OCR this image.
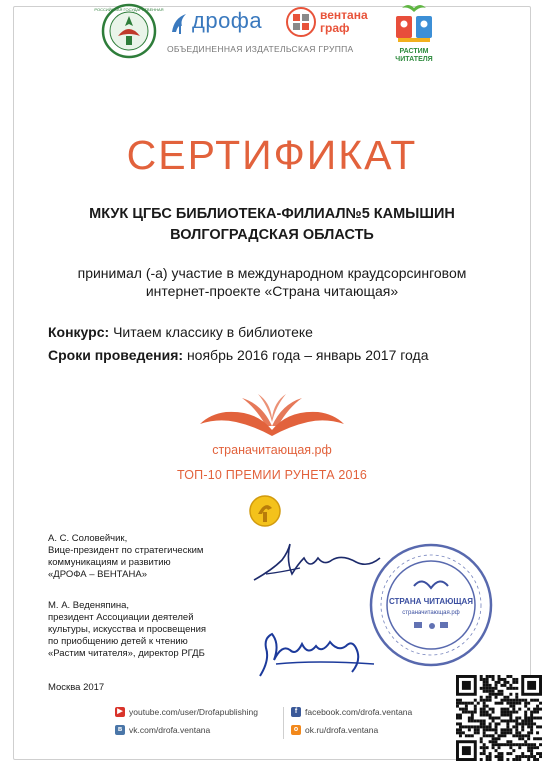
РОССИЙСКАЯ ГОСУДАРСТВЕННАЯ дрофа	вентана
граф
ОБЪЕДИНЕННАЯ ИЗДАТЕЛЬСКАЯ ГРУППА	РАСТИМ
ЧИТАТЕЛЯ
СЕРТИФИКАТ
МКУК ЦГБС БИБЛИОТЕКА-ФИЛИАЛ№5 КАМЫШИН
ВОЛГОГРАДСКАЯ ОБЛАСТЬ
принимал (-а) участие в международном краудсорсинговом
интернет-проекте «Страна читающая»
Конкурс: Читаем классику в библиотеке
Сроки проведения: ноябрь 2016 года – январь 2017 года
страначитающая.рф
ТОП-10 ПРЕМИИ РУНЕТА 2016
А. С. Соловейчик,
Вице-президент по стратегическим
коммуникациям и развитию
«ДРОФА – ВЕНТАНА»
М. А. Веденяпина,
президент Ассоциации деятелей
культуры, искусства и просвещения
по приобщению детей к чтению
«Растим читателя», директор РГДБ
Москва 2017
СТРАНА ЧИТАЮЩАЯ
страначитающая.рф
▶ youtube.com/user/Drofapublishing	f facebook.com/drofa.ventana
в vk.com/drofa.ventana	о ok.ru/drofa.ventana
